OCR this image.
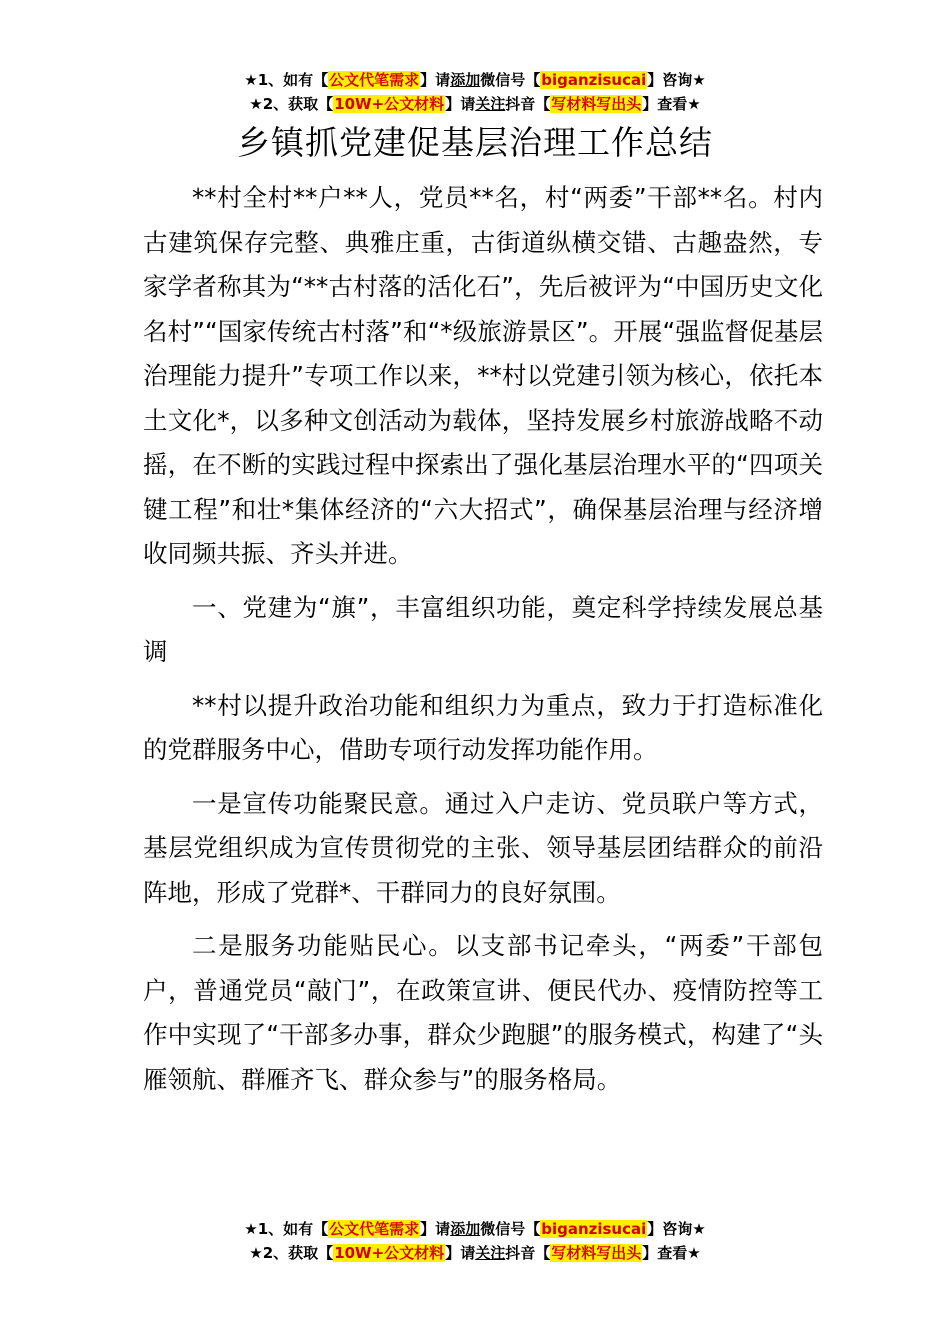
★1、如有【公文代笔需求】请添加微信号【biganzisucai】咨询★
★2、获取【10W+公文材料】请关注抖音【写材料写出头】查看★
乡镇抓党建促基层治理工作总结

**村全村**户**人，党员**名，村“两委”干部**名。村内古建筑保存完整、典雅庄重，古街道纵横交错、古趣盎然，专家学者称其为“**古村落的活化石”，先后被评为“中国历史文化名村”“国家传统古村落”和“*级旅游景区”。开展“强监督促基层治理能力提升”专项工作以来，**村以党建引领为核心，依托本土文化*，以多种文创活动为载体，坚持发展乡村旅游战略不动摇，在不断的实践过程中探索出了强化基层治理水平的“四项关键工程”和壮*集体经济的“六大招式”，确保基层治理与经济增收同频共振、齐头并进。

一、党建为“旗”，丰富组织功能，奠定科学持续发展总基调

**村以提升政治功能和组织力为重点，致力于打造标准化的党群服务中心，借助专项行动发挥功能作用。

一是宣传功能聚民意。通过入户走访、党员联户等方式，基层党组织成为宣传贯彻党的主张、领导基层团结群众的前沿阵地，形成了党群*、干群同力的良好氛围。

二是服务功能贴民心。以支部书记牵头，“两委”干部包户，普通党员“敲门”，在政策宣讲、便民代办、疫情防控等工作中实现了“干部多办事，群众少跑腿”的服务模式，构建了“头雁领航、群雁齐飞、群众参与”的服务格局。

★1、如有【公文代笔需求】请添加微信号【biganzisucai】咨询★
★2、获取【10W+公文材料】请关注抖音【写材料写出头】查看★
